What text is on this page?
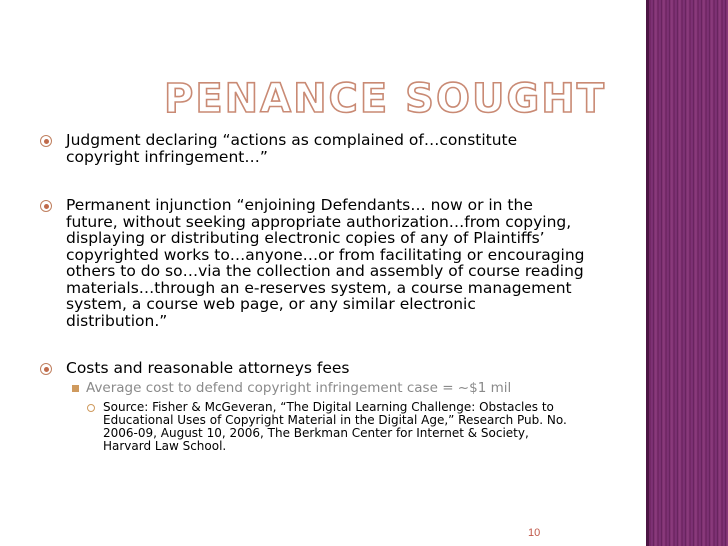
PENANCE SOUGHT
Judgment declaring “actions as complained of…constitute
copyright infringement…”
Permanent injunction “enjoining Defendants… now or in the
future, without seeking appropriate authorization…from copying,
displaying or distributing electronic copies of any of Plaintiffs’
copyrighted works to…anyone…or from facilitating or encouraging
others to do so…via the collection and assembly of course reading
materials…through an e-reserves system, a course management
system, a course web page, or any similar electronic
distribution.”
Costs and reasonable attorneys fees
Average cost to defend copyright infringement case = ~$1 mil
Source: Fisher & McGeveran, “The Digital Learning Challenge: Obstacles to
Educational Uses of Copyright Material in the Digital Age,” Research Pub. No.
2006-09, August 10, 2006, The Berkman Center for Internet & Society,
Harvard Law School.
10
